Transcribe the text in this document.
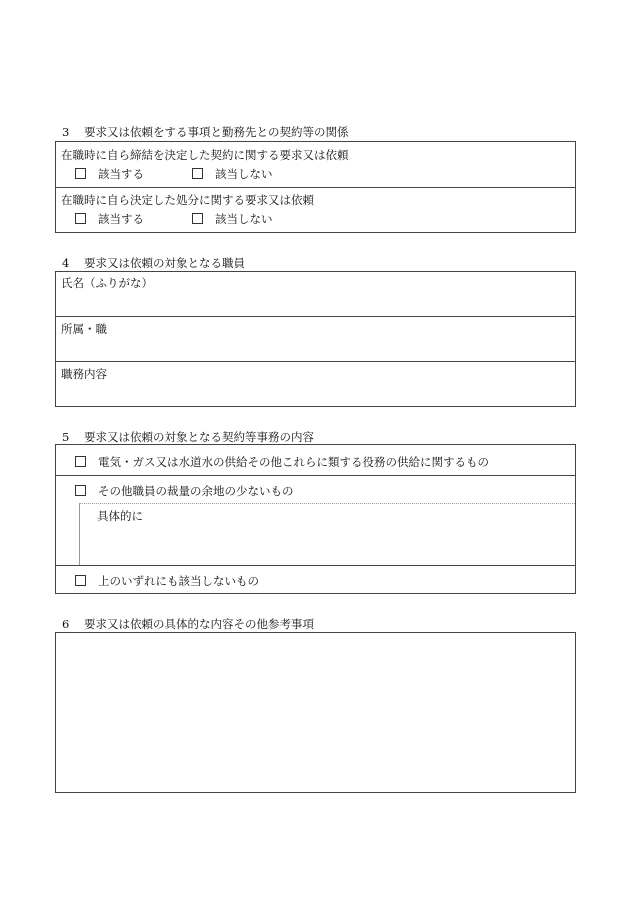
3 要求又は依頼をする事項と勤務先との契約等の関係
在職時に自ら締結を決定した契約に関する要求又は依頼
該当する	該当しない
在職時に自ら決定した処分に関する要求又は依頼
該当する	該当しない
4 要求又は依頼の対象となる職員
氏名（ふりがな）
所属・職
職務内容
5 要求又は依頼の対象となる契約等事務の内容
電気・ガス又は水道水の供給その他これらに類する役務の供給に関するもの
その他職員の裁量の余地の少ないもの
具体的に
上のいずれにも該当しないもの
6 要求又は依頼の具体的な内容その他参考事項
